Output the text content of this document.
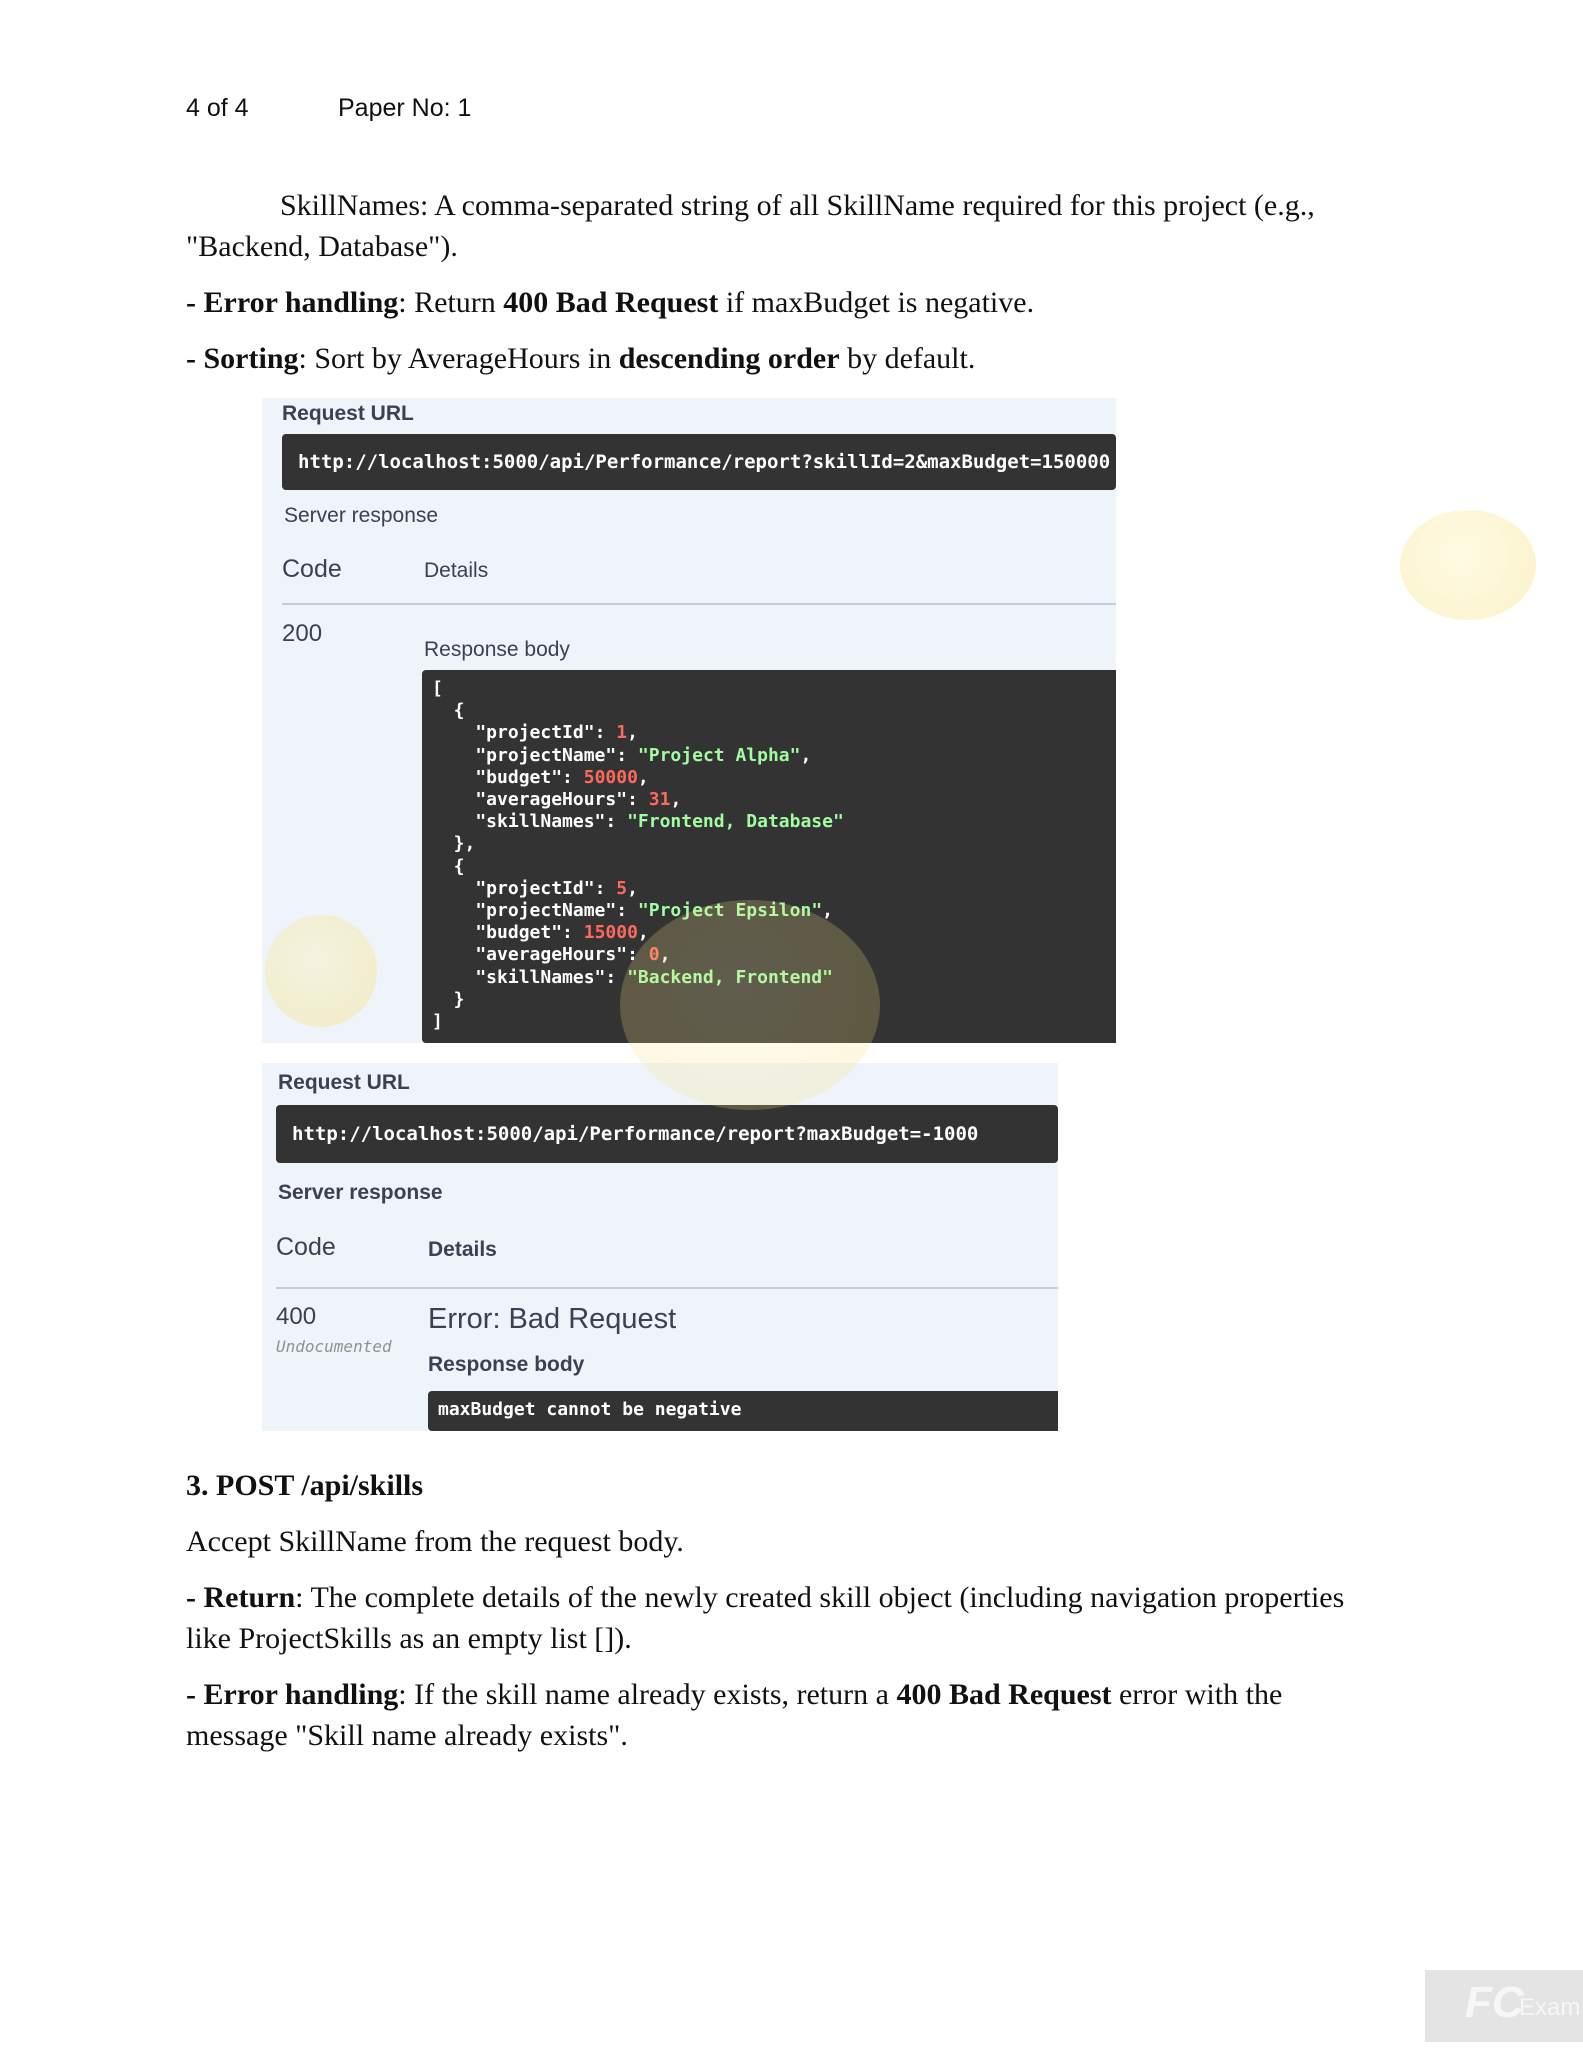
4 of 4	Paper No: 1
SkillNames: A comma-separated string of all SkillName required for this project (e.g.,
"Backend, Database").
- Error handling: Return 400 Bad Request if maxBudget is negative.
- Sorting: Sort by AverageHours in descending order by default.
Request URL
http://localhost:5000/api/Performance/report?skillId=2&maxBudget=150000
Server response
Code	Details
200
Response body
[
{
"projectId": 1,
"projectName": "Project Alpha",
"budget": 50000,
"averageHours": 31,
"skillNames": "Frontend, Database"
},
{
"projectId": 5,
"projectName": "Project Epsilon",
"budget": 15000,
"averageHours": 0,
"skillNames": "Backend, Frontend"
}
]
Request URL
http://localhost:5000/api/Performance/report?maxBudget=-1000
Server response
Code	Details
400
Undocumented
Error: Bad Request
Response body
maxBudget cannot be negative
3. POST /api/skills
Accept SkillName from the request body.
- Return: The complete details of the newly created skill object (including navigation properties
like ProjectSkills as an empty list []).
- Error handling: If the skill name already exists, return a 400 Bad Request error with the
message "Skill name already exists".
FC
Exam
